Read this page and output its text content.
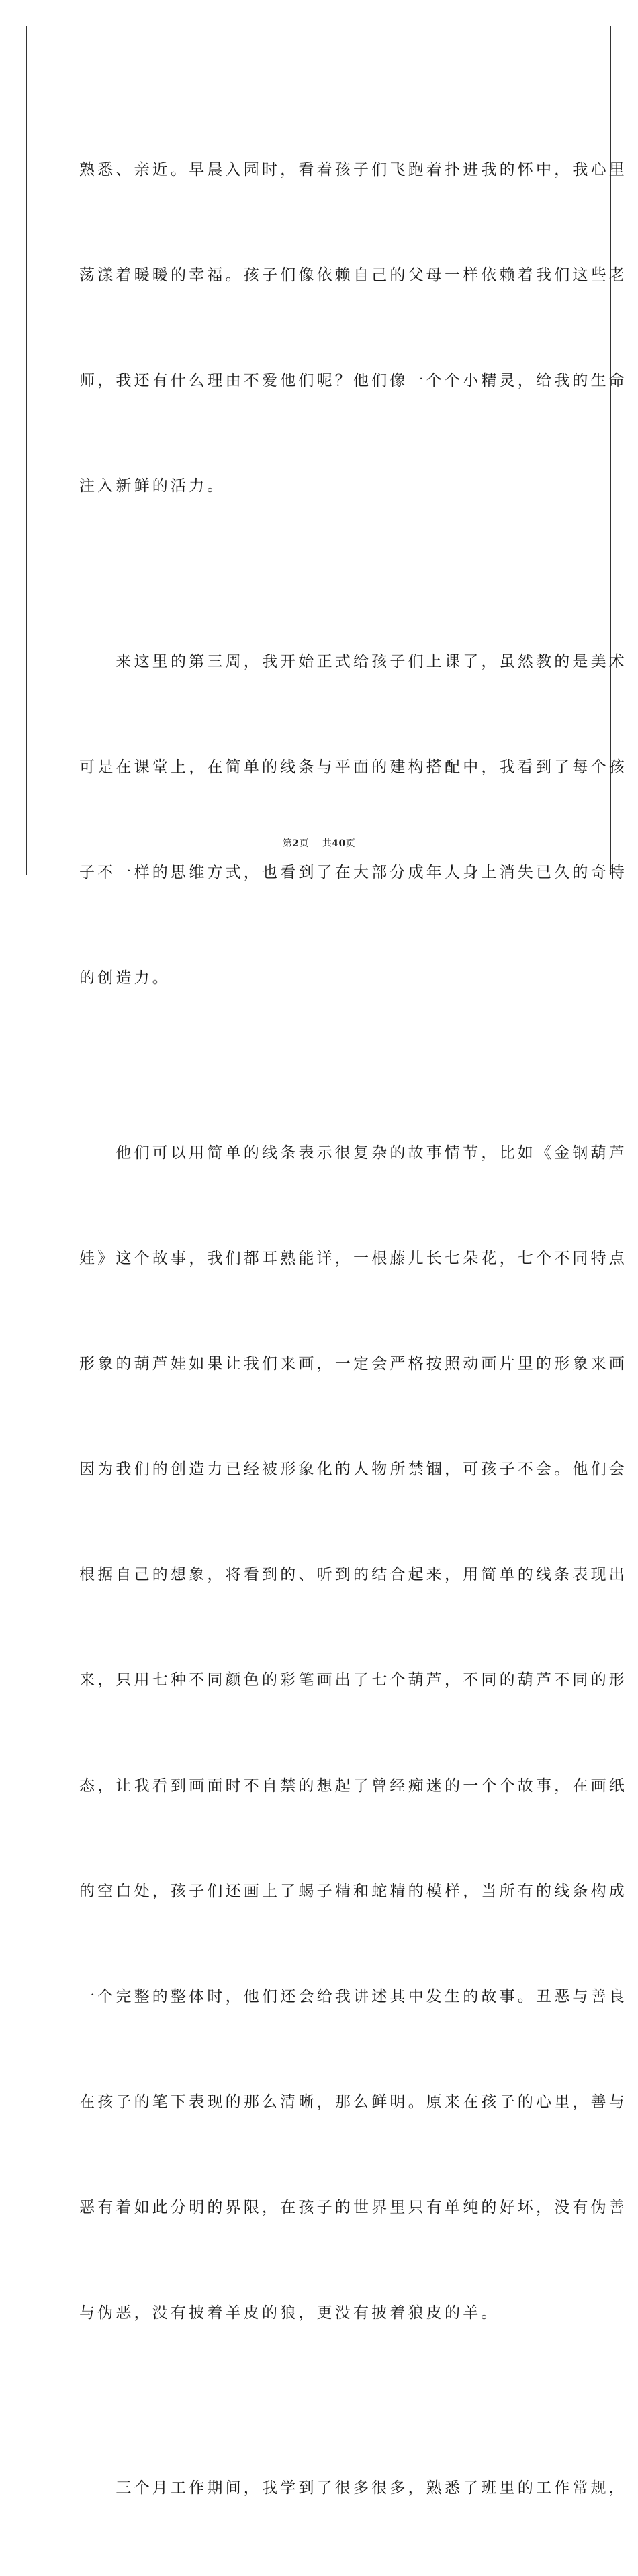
熟悉、亲近。早晨入园时，看着孩子们飞跑着扑进我的怀中，我心里

荡漾着暖暖的幸福。孩子们像依赖自己的父母一样依赖着我们这些老

师，我还有什么理由不爱他们呢？他们像一个个小精灵，给我的生命

注入新鲜的活力。

　　来这里的第三周，我开始正式给孩子们上课了，虽然教的是美术

可是在课堂上，在简单的线条与平面的建构搭配中，我看到了每个孩

子不一样的思维方式，也看到了在大部分成年人身上消失已久的奇特

的创造力。

　　他们可以用简单的线条表示很复杂的故事情节，比如《金钢葫芦

娃》这个故事，我们都耳熟能详，一根藤儿长七朵花，七个不同特点

形象的葫芦娃如果让我们来画，一定会严格按照动画片里的形象来画

因为我们的创造力已经被形象化的人物所禁锢，可孩子不会。他们会

根据自己的想象，将看到的、听到的结合起来，用简单的线条表现出

来，只用七种不同颜色的彩笔画出了七个葫芦，不同的葫芦不同的形

态，让我看到画面时不自禁的想起了曾经痴迷的一个个故事，在画纸

的空白处，孩子们还画上了蝎子精和蛇精的模样，当所有的线条构成

一个完整的整体时，他们还会给我讲述其中发生的故事。丑恶与善良

在孩子的笔下表现的那么清晰，那么鲜明。原来在孩子的心里，善与

恶有着如此分明的界限，在孩子的世界里只有单纯的好坏，没有伪善

与伪恶，没有披着羊皮的狼，更没有披着狼皮的羊。

　　三个月工作期间，我学到了很多很多，熟悉了班里的工作常规，

第2页 共40页
